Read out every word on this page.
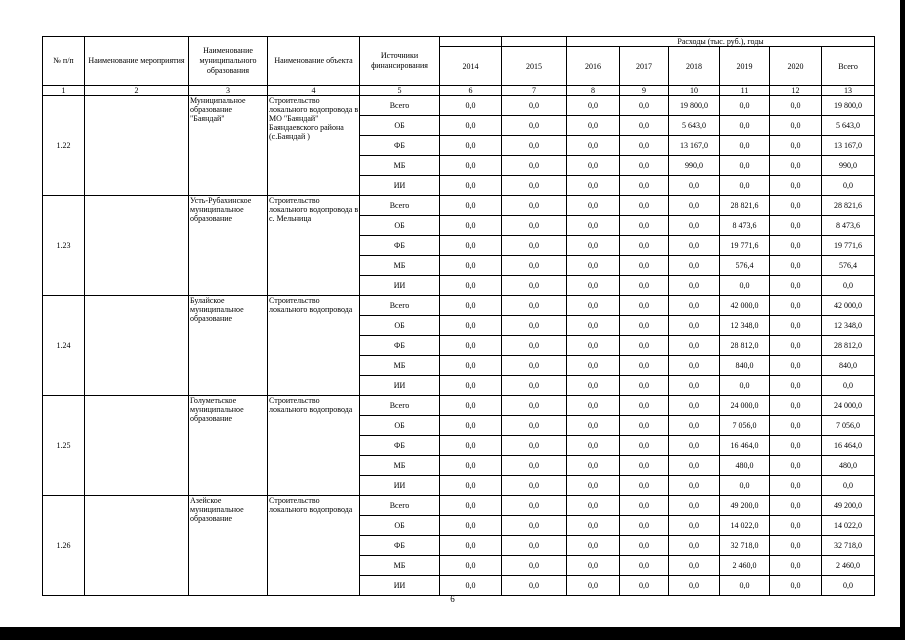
№ п/п	Наименование мероприятия	Наименование муниципального образования	Наименование объекта	Источники финансирования			Расходы (тыс. руб.), годы					
					2014	2015	2016	2017	2018	2019	2020	Всего
1	2	3	4	5	6	7	8	9	10	11	12	13
1.22		Муниципальное образование "Баяндай"	Строительство локального водопровода в МО "Баяндай" Баяндаевского района (с.Баяндай )	Всего	0,0	0,0	0,0	0,0	19 800,0	0,0	0,0	19 800,0
				ОБ	0,0	0,0	0,0	0,0	5 643,0	0,0	0,0	5 643,0
				ФБ	0,0	0,0	0,0	0,0	13 167,0	0,0	0,0	13 167,0
				МБ	0,0	0,0	0,0	0,0	990,0	0,0	0,0	990,0
				ИИ	0,0	0,0	0,0	0,0	0,0	0,0	0,0	0,0
1.23		Усть-Рубахинское муниципальное образование	Строительство локального водопровода в с. Мельница	Всего	0,0	0,0	0,0	0,0	0,0	28 821,6	0,0	28 821,6
				ОБ	0,0	0,0	0,0	0,0	0,0	8 473,6	0,0	8 473,6
				ФБ	0,0	0,0	0,0	0,0	0,0	19 771,6	0,0	19 771,6
				МБ	0,0	0,0	0,0	0,0	0,0	576,4	0,0	576,4
				ИИ	0,0	0,0	0,0	0,0	0,0	0,0	0,0	0,0
1.24		Булайское муниципальное образование	Строительство локального водопровода	Всего	0,0	0,0	0,0	0,0	0,0	42 000,0	0,0	42 000,0
				ОБ	0,0	0,0	0,0	0,0	0,0	12 348,0	0,0	12 348,0
				ФБ	0,0	0,0	0,0	0,0	0,0	28 812,0	0,0	28 812,0
				МБ	0,0	0,0	0,0	0,0	0,0	840,0	0,0	840,0
				ИИ	0,0	0,0	0,0	0,0	0,0	0,0	0,0	0,0
1.25		Голуметьское муниципальное образование	Строительство локального водопровода	Всего	0,0	0,0	0,0	0,0	0,0	24 000,0	0,0	24 000,0
				ОБ	0,0	0,0	0,0	0,0	0,0	7 056,0	0,0	7 056,0
				ФБ	0,0	0,0	0,0	0,0	0,0	16 464,0	0,0	16 464,0
				МБ	0,0	0,0	0,0	0,0	0,0	480,0	0,0	480,0
				ИИ	0,0	0,0	0,0	0,0	0,0	0,0	0,0	0,0
1.26		Азейское муниципальное образование	Строительство локального водопровода	Всего	0,0	0,0	0,0	0,0	0,0	49 200,0	0,0	49 200,0
				ОБ	0,0	0,0	0,0	0,0	0,0	14 022,0	0,0	14 022,0
				ФБ	0,0	0,0	0,0	0,0	0,0	32 718,0	0,0	32 718,0
				МБ	0,0	0,0	0,0	0,0	0,0	2 460,0	0,0	2 460,0
				ИИ	0,0	0,0	0,0	0,0	0,0	0,0	0,0	0,0
6
